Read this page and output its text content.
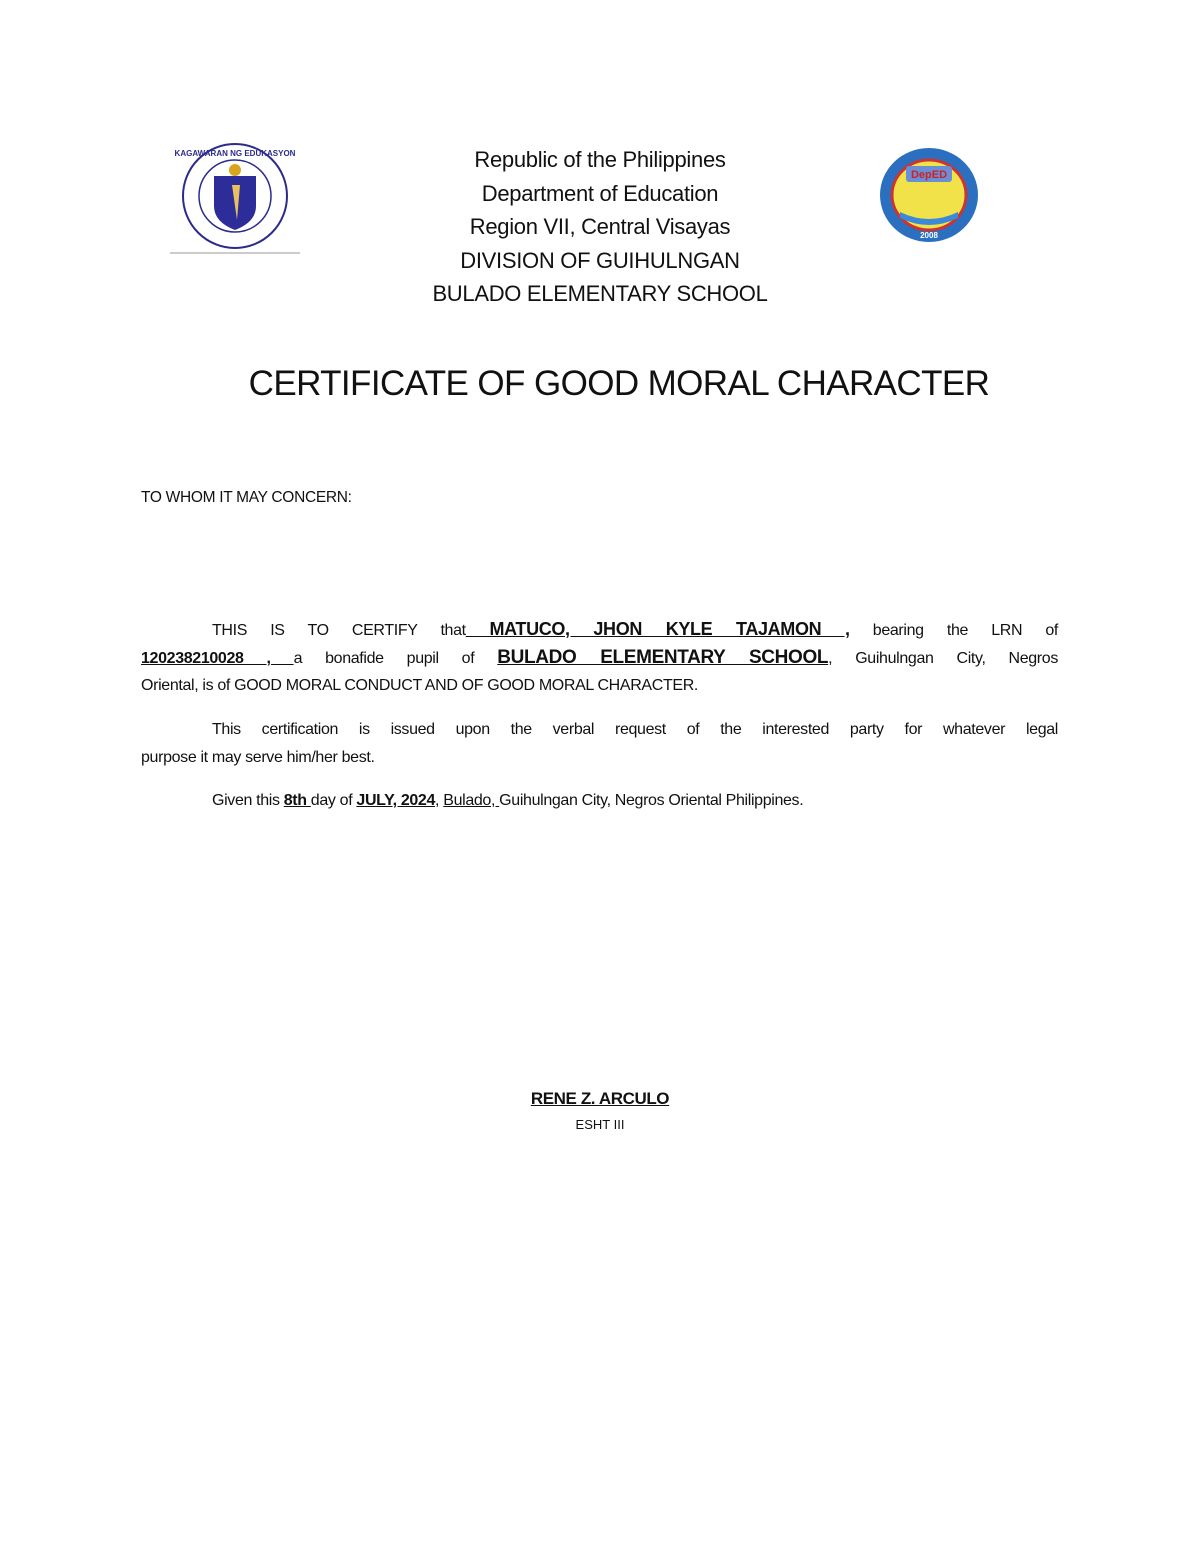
KAGAWARAN NG EDUKASYON
DepED
2008
Republic of the Philippines
Department of Education
Region VII, Central Visayas
DIVISION OF GUIHULNGAN
BULADO ELEMENTARY SCHOOL
CERTIFICATE OF GOOD MORAL CHARACTER
TO WHOM IT MAY CONCERN:
THIS IS TO CERTIFY that MATUCO, JHON KYLE TAJAMON , bearing the LRN of
120238210028 , a bonafide pupil of BULADO ELEMENTARY SCHOOL, Guihulngan City, Negros
Oriental, is of GOOD MORAL CONDUCT AND OF GOOD MORAL CHARACTER.
This certification is issued upon the verbal request of the interested party for whatever legal
purpose it may serve him/her best.
Given this 8th day of JULY, 2024, Bulado, Guihulngan City, Negros Oriental Philippines.
RENE Z. ARCULO
ESHT III
